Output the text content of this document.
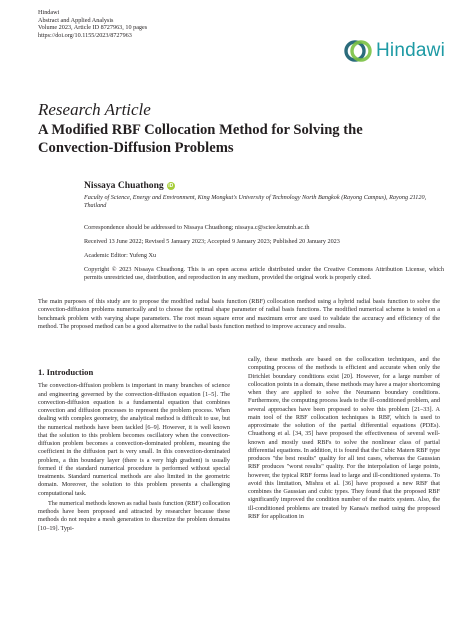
Hindawi
Abstract and Applied Analysis
Volume 2023, Article ID 8727963, 10 pages
https://doi.org/10.1155/2023/8727963
Hindawi
Research Article
A Modified RBF Collocation Method for Solving the Convection-Diffusion Problems
Nissaya Chuathong iD
Faculty of Science, Energy and Environment, King Mongkut's University of Technology North Bangkok (Rayong Campus), Rayong 21120, Thailand
Correspondence should be addressed to Nissaya Chuathong; nissaya.c@sciee.kmutnb.ac.th
Received 13 June 2022; Revised 5 January 2023; Accepted 9 January 2023; Published 20 January 2023
Academic Editor: Yufeng Xu
Copyright © 2023 Nissaya Chuathong. This is an open access article distributed under the Creative Commons Attribution License, which permits unrestricted use, distribution, and reproduction in any medium, provided the original work is properly cited.
The main purposes of this study are to propose the modified radial basis function (RBF) collocation method using a hybrid radial basis function to solve the convection-diffusion problems numerically and to choose the optimal shape parameter of radial basis functions. The modified numerical scheme is tested on a benchmark problem with varying shape parameters. The root mean square error and maximum error are used to validate the accuracy and efficiency of the method. The proposed method can be a good alternative to the radial basis function method to improve accuracy and results.
1. Introduction

The convection-diffusion problem is important in many branches of science and engineering governed by the convection-diffusion equation [1–5]. The convection-diffusion equation is a fundamental equation that combines convection and diffusion processes to represent the problem process. When dealing with complex geometry, the analytical method is difficult to use, but the numerical methods have been tackled [6–9]. However, it is well known that the solution to this problem becomes oscillatory when the convection-diffusion problem becomes a convection-dominated problem, meaning the coefficient in the diffusion part is very small. In this convection-dominated problem, a thin boundary layer (there is a very high gradient) is usually formed if the standard numerical procedure is performed without special treatments. Standard numerical methods are also limited in the geometric domain. Moreover, the solution to this problem presents a challenging computational task.

The numerical methods known as radial basis function (RBF) collocation methods have been proposed and attracted by researcher because these methods do not require a mesh generation to discretize the problem domains [10–19]. Typi-

cally, these methods are based on the collocation techniques, and the computing process of the methods is efficient and accurate when only the Dirichlet boundary conditions exist [20]. However, for a large number of collocation points in a domain, these methods may have a major shortcoming when they are applied to solve the Neumann boundary conditions. Furthermore, the computing process leads to the ill-conditioned problem, and several approaches have been proposed to solve this problem [21–33]. A main tool of the RBF collocation techniques is RBF, which is used to approximate the solution of the partial differential equations (PDEs). Chuathong et al. [34, 35] have proposed the effectiveness of several well-known and mostly used RBFs to solve the nonlinear class of partial differential equations. In addition, it is found that the Cubic Matern RBF type produces "the best results" quality for all test cases, whereas the Gaussian RBF produces "worst results" quality. For the interpolation of large points, however, the typical RBF forms lead to large and ill-conditioned systems. To avoid this limitation, Mishra et al. [36] have proposed a new RBF that combines the Gaussian and cubic types. They found that the proposed RBF significantly improved the condition number of the matrix system. Also, the ill-conditioned problems are treated by Kansa's method using the proposed RBF for application in
